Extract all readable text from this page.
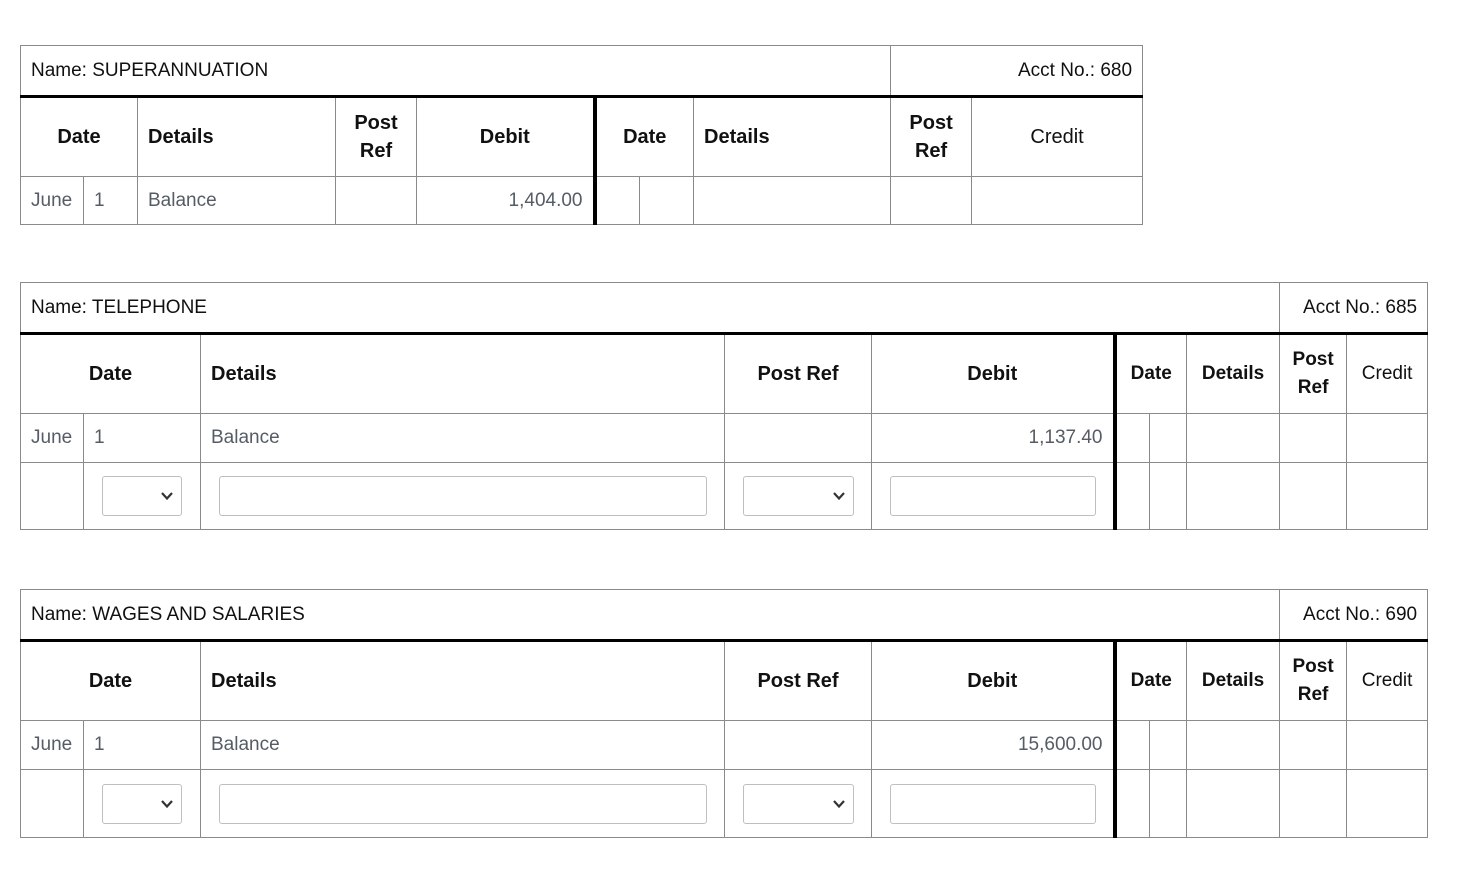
Name: SUPERANNUATION								Acct No.: 680	
Date		Details	Post Ref	Debit	Date		Details	Post Ref	Credit
June	1	Balance		1,404.00					
Name: TELEPHONE								Acct No.: 685	
Date		Details	Post Ref	Debit	Date		Details	Post Ref	Credit
June	1	Balance		1,137.40					

Name: WAGES AND SALARIES								Acct No.: 690	
Date		Details	Post Ref	Debit	Date		Details	Post Ref	Credit
June	1	Balance		15,600.00					
